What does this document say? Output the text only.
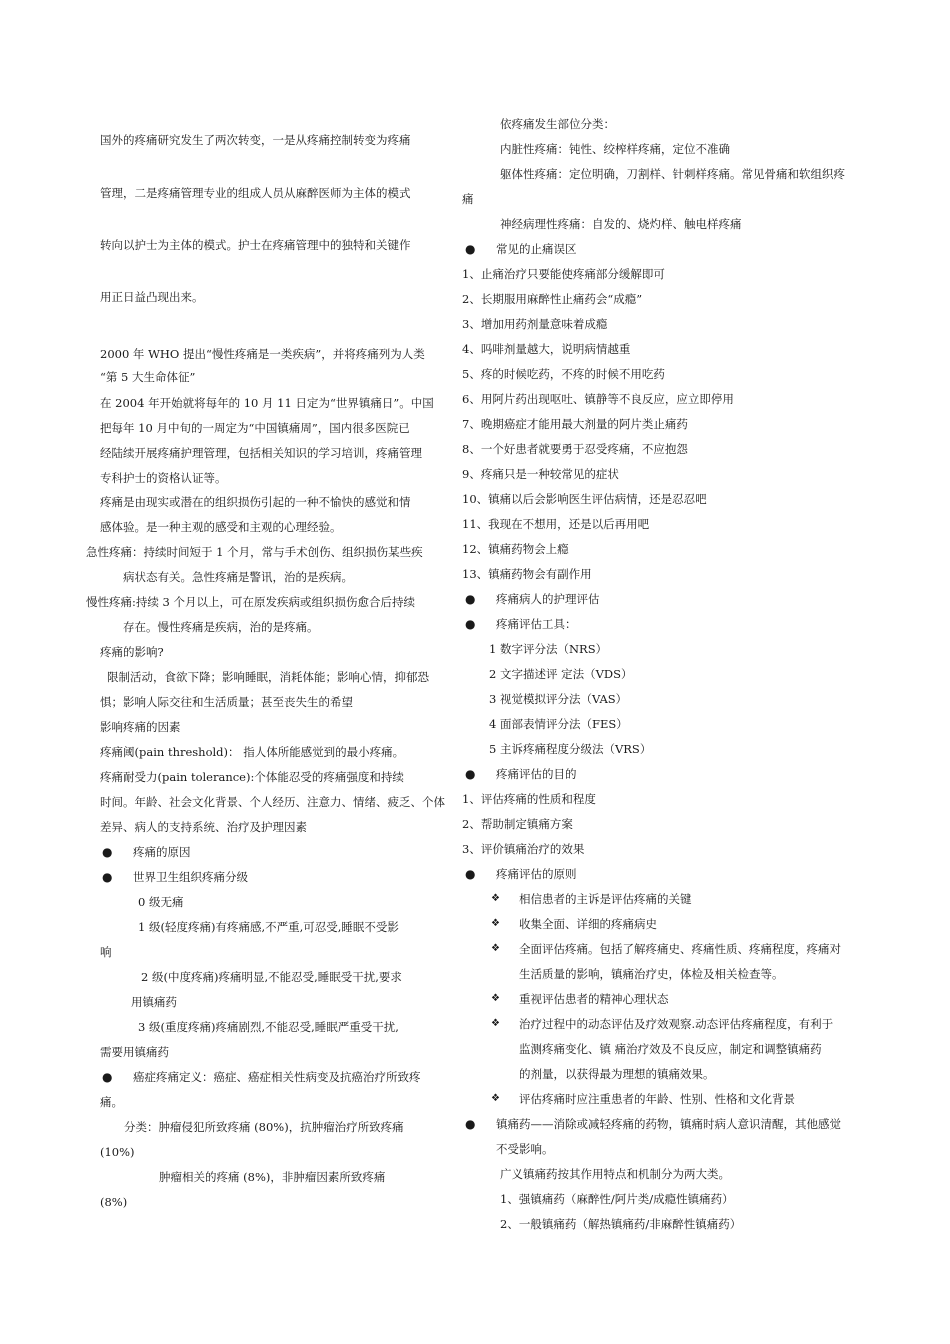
国外的疼痛研究发生了两次转变，一是从疼痛控制转变为疼痛
管理，二是疼痛管理专业的组成人员从麻醉医师为主体的模式
转向以护士为主体的模式。护士在疼痛管理中的独特和关键作
用正日益凸现出来。
2000 年 WHO 提出“慢性疼痛是一类疾病”，并将疼痛列为人类
“第 5 大生命体征”
在 2004 年开始就将每年的 10 月 11 日定为“世界镇痛日”。中国
把每年 10 月中旬的一周定为“中国镇痛周”，国内很多医院已
经陆续开展疼痛护理管理，包括相关知识的学习培训，疼痛管理
专科护士的资格认证等。
疼痛是由现实或潜在的组织损伤引起的一种不愉快的感觉和情
感体验。是一种主观的感受和主观的心理经验。
急性疼痛：持续时间短于 1 个月，常与手术创伤、组织损伤某些疾
病状态有关。急性疼痛是警讯，治的是疾病。
慢性疼痛:持续 3 个月以上，可在原发疾病或组织损伤愈合后持续
存在。慢性疼痛是疾病，治的是疼痛。
疼痛的影响?
限制活动，食欲下降；影响睡眠，消耗体能；影响心情，抑郁恐
惧；影响人际交往和生活质量；甚至丧失生的希望
影响疼痛的因素
疼痛阈(pain threshold)： 指人体所能感觉到的最小疼痛。
疼痛耐受力(pain tolerance):个体能忍受的疼痛强度和持续
时间。年龄、社会文化背景、个人经历、注意力、情绪、疲乏、个体
差异、病人的支持系统、治疗及护理因素
● 疼痛的原因
● 世界卫生组织疼痛分级
0 级无痛
1 级(轻度疼痛)有疼痛感,不严重,可忍受,睡眠不受影
响
2 级(中度疼痛)疼痛明显,不能忍受,睡眠受干扰,要求
用镇痛药
3 级(重度疼痛)疼痛剧烈,不能忍受,睡眠严重受干扰,
需要用镇痛药
● 癌症疼痛定义：癌症、癌症相关性病变及抗癌治疗所致疼
痛。
分类：肿瘤侵犯所致疼痛 (80%)，抗肿瘤治疗所致疼痛
(10%)
肿瘤相关的疼痛 (8%)，非肿瘤因素所致疼痛
(8%)
依疼痛发生部位分类：
内脏性疼痛：钝性、绞榨样疼痛，定位不准确
躯体性疼痛：定位明确，刀割样、针刺样疼痛。常见骨痛和软组织疼
痛
神经病理性疼痛：自发的、烧灼样、触电样疼痛
● 常见的止痛误区
1、止痛治疗只要能使疼痛部分缓解即可
2、长期服用麻醉性止痛药会“成瘾”
3、增加用药剂量意味着成瘾
4、吗啡剂量越大，说明病情越重
5、疼的时候吃药，不疼的时候不用吃药
6、用阿片药出现呕吐、镇静等不良反应，应立即停用
7、晚期癌症才能用最大剂量的阿片类止痛药
8、一个好患者就要勇于忍受疼痛，不应抱怨
9、疼痛只是一种较常见的症状
10、镇痛以后会影响医生评估病情，还是忍忍吧
11、我现在不想用，还是以后再用吧
12、镇痛药物会上瘾
13、镇痛药物会有副作用
● 疼痛病人的护理评估
● 疼痛评估工具：
1 数字评分法（NRS）
2 文字描述评 定法（VDS）
3 视觉模拟评分法（VAS）
4 面部表情评分法（FES）
5 主诉疼痛程度分级法（VRS）
● 疼痛评估的目的
1、评估疼痛的性质和程度
2、帮助制定镇痛方案
3、评价镇痛治疗的效果
● 疼痛评估的原则
❖ 相信患者的主诉是评估疼痛的关键
❖ 收集全面、详细的疼痛病史
❖ 全面评估疼痛。包括了解疼痛史、疼痛性质、疼痛程度，疼痛对
生活质量的影响，镇痛治疗史，体检及相关检查等。
❖ 重视评估患者的精神心理状态
❖ 治疗过程中的动态评估及疗效观察.动态评估疼痛程度，有利于
监测疼痛变化、镇 痛治疗效及不良反应，制定和调整镇痛药
的剂量，以获得最为理想的镇痛效果。
❖ 评估疼痛时应注重患者的年龄、性别、性格和文化背景
● 镇痛药——消除或减轻疼痛的药物，镇痛时病人意识清醒，其他感觉
不受影响。
广义镇痛药按其作用特点和机制分为两大类。
1、强镇痛药（麻醉性/阿片类/成瘾性镇痛药）
2、一般镇痛药（解热镇痛药/非麻醉性镇痛药）
